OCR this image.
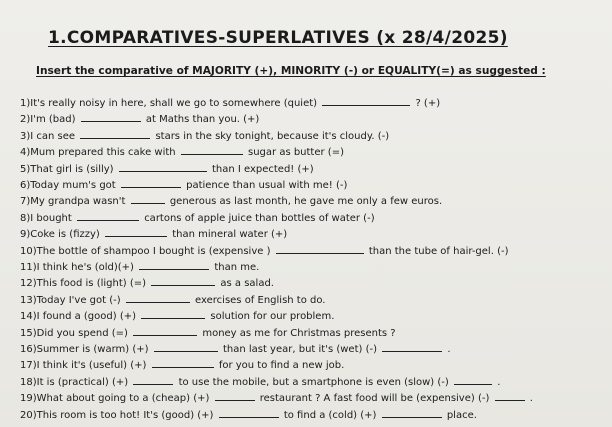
1.COMPARATIVES-SUPERLATIVES (x 28/4/2025)
Insert the comparative of MAJORITY (+), MINORITY (-) or EQUALITY(=) as suggested :
1)It's really noisy in here, shall we go to somewhere (quiet)	? (+)
2)I'm (bad)	at Maths than you. (+)
3)I can see	stars in the sky tonight, because it's cloudy. (-)
4)Mum prepared this cake with	sugar as butter (=)
5)That girl is (silly)	than I expected! (+)
6)Today mum's got	patience than usual with me! (-)
7)My grandpa wasn't	generous as last month, he gave me only a few euros.
8)I bought	cartons of apple juice than bottles of water (-)
9)Coke is (fizzy)	than mineral water (+)
10)The bottle of shampoo I bought is (expensive )	than the tube of hair-gel. (-)
11)I think he's (old)(+)	than me.
12)This food is (light) (=)	as a salad.
13)Today I've got (-)	exercises of English to do.
14)I found a (good) (+)	solution for our problem.
15)Did you spend (=)	money as me for Christmas presents ?
16)Summer is (warm) (+)	than last year, but it's (wet) (-)	.
17)I think it's (useful) (+)	for you to find a new job.
18)It is (practical) (+)	to use the mobile, but a smartphone is even (slow) (-)	.
19)What about going to a (cheap) (+)	restaurant ? A fast food will be (expensive) (-)	.
20)This room is too hot! It's (good) (+)	to find a (cold) (+)	place.
